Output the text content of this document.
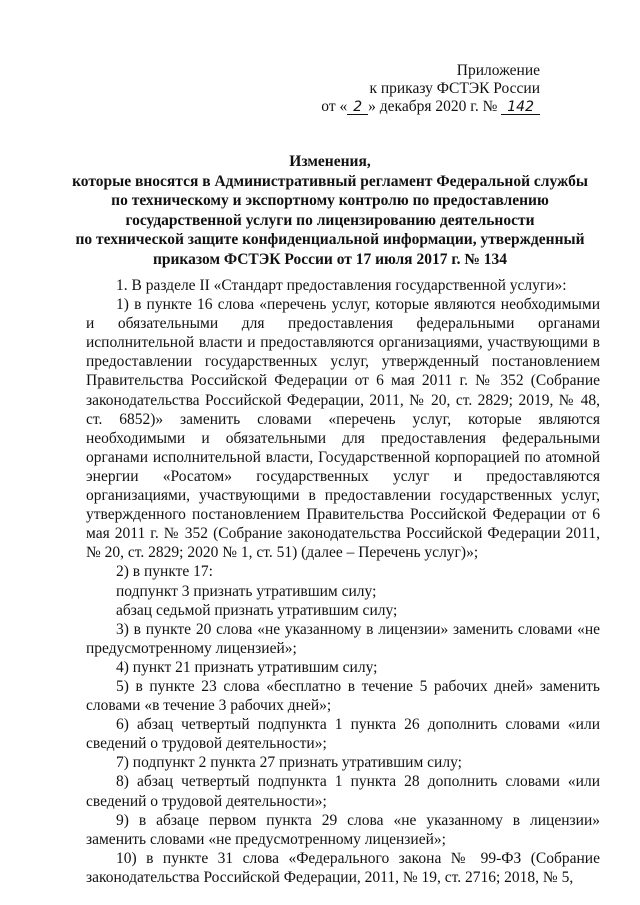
Приложение
к приказу ФСТЭК России
от « 2 » декабря 2020 г. № 142
Изменения,
которые вносятся в Административный регламент Федеральной службы
по техническому и экспортному контролю по предоставлению
государственной услуги по лицензированию деятельности
по технической защите конфиденциальной информации, утвержденный
приказом ФСТЭК России от 17 июля 2017 г. № 134

1. В разделе II «Стандарт предоставления государственной услуги»:

1) в пункте 16 слова «перечень услуг, которые являются необходимыми и обязательными для предоставления федеральными органами исполнительной власти и предоставляются организациями, участвующими в предоставлении государственных услуг, утвержденный постановлением Правительства Российской Федерации от 6 мая 2011 г. № 352 (Собрание законодательства Российской Федерации, 2011, № 20, ст. 2829; 2019, № 48, ст. 6852)» заменить словами «перечень услуг, которые являются необходимыми и обязательными для предоставления федеральными органами исполнительной власти, Государственной корпорацией по атомной энергии «Росатом» государственных услуг и предоставляются организациями, участвующими в предоставлении государственных услуг, утвержденного постановлением Правительства Российской Федерации от 6 мая 2011 г. № 352 (Собрание законодательства Российской Федерации 2011, № 20, ст. 2829; 2020 № 1, ст. 51) (далее – Перечень услуг)»;

2) в пункте 17:

подпункт 3 признать утратившим силу;

абзац седьмой признать утратившим силу;

3) в пункте 20 слова «не указанному в лицензии» заменить словами «не предусмотренному лицензией»;

4) пункт 21 признать утратившим силу;

5) в пункте 23 слова «бесплатно в течение 5 рабочих дней» заменить словами «в течение 3 рабочих дней»;

6) абзац четвертый подпункта 1 пункта 26 дополнить словами «или сведений о трудовой деятельности»;

7) подпункт 2 пункта 27 признать утратившим силу;

8) абзац четвертый подпункта 1 пункта 28 дополнить словами «или сведений о трудовой деятельности»;

9) в абзаце первом пункта 29 слова «не указанному в лицензии» заменить словами «не предусмотренному лицензией»;

10) в пункте 31 слова «Федерального закона № 99-ФЗ (Собрание законодательства Российской Федерации, 2011, № 19, ст. 2716; 2018, № 5,
